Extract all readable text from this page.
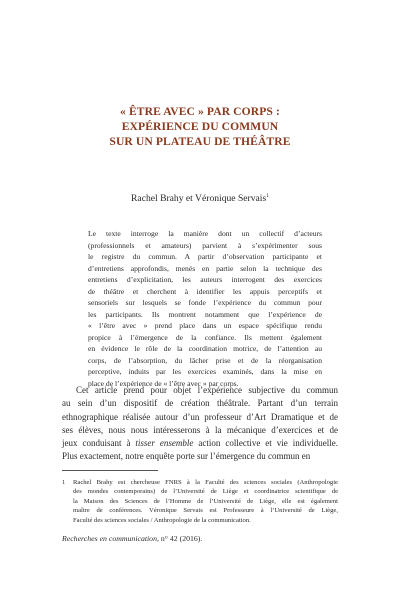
« ÊTRE AVEC » PAR CORPS :
EXPÉRIENCE DU COMMUN
SUR UN PLATEAU DE THÉÂTRE
Rachel Brahy et Véronique Servais$^1$
Le texte interroge la manière dont un collectif d’acteurs
(professionnels et amateurs) parvient à s’expérimenter sous
le registre du commun. A partir d’observation participante et
d’entretiens approfondis, menés en partie selon la technique des
entretiens d’explicitation, les auteurs interrogent des exercices
de théâtre et cherchent à identifier les appuis perceptifs et
sensoriels sur lesquels se fonde l’expérience du commun pour
les participants. Ils montrent notamment que l’expérience de
« l’être avec » prend place dans un espace spécifique rendu
propice à l’émergence de la confiance. Ils mettent également
en évidence le rôle de la coordination motrice, de l’attention au
corps, de l’absorption, du lâcher prise et de la réorganisation
perceptive, induits par les exercices examinés, dans la mise en
place de l’expérience de « l’être avec » par corps.
Cet article prend pour objet l’expérience subjective du commun
au sein d’un dispositif de création théâtrale. Partant d’un terrain
ethnographique réalisée autour d’un professeur d’Art Dramatique et de
ses élèves, nous nous intéresserons à la mécanique d’exercices et de
jeux conduisant à tisser ensemble action collective et vie individuelle.
Plus exactement, notre enquête porte sur l’émergence du commun en
1 Rachel Brahy est chercheuse FNRS à la Faculté des sciences sociales (Anthropologie
des mondes contemporains) de l’Université de Liège et coordinatrice scientifique de
la Maison des Sciences de l’Homme de l’Université de Liège, elle est également
maître de conférences. Véronique Servais est Professeure à l’Université de Liège,
Faculté des sciences sociales / Anthropologie de la communication.
Recherches en communication, n° 42 (2016).
